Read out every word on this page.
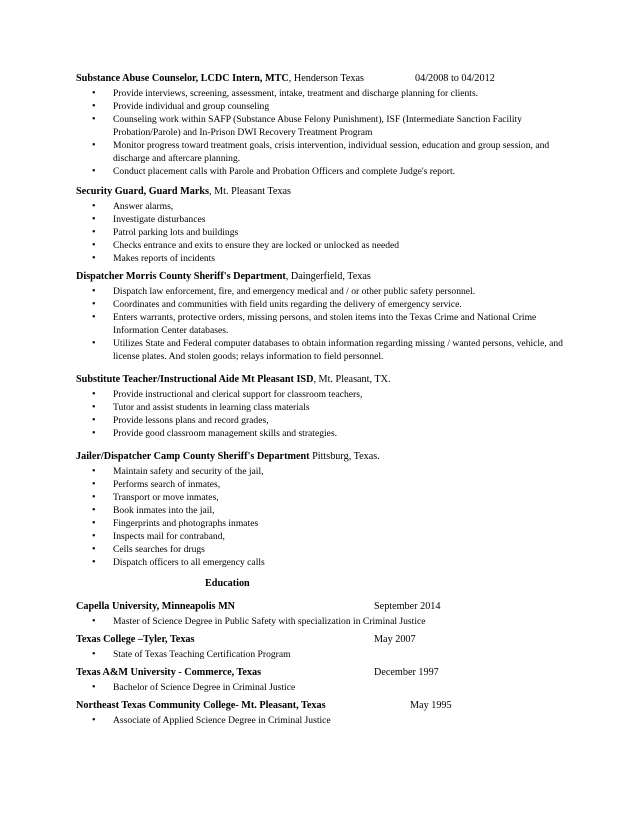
Substance Abuse Counselor, LCDC Intern, MTC, Henderson Texas	04/2008 to 04/2012
• Provide interviews, screening, assessment, intake, treatment and discharge planning for clients.
• Provide individual and group counseling
• Counseling work within SAFP (Substance Abuse Felony Punishment), ISF (Intermediate Sanction Facility Probation/Parole) and In-Prison DWI Recovery Treatment Program
• Monitor progress toward treatment goals, crisis intervention, individual session, education and group session, and discharge and aftercare planning.
• Conduct placement calls with Parole and Probation Officers and complete Judge's report.
Security Guard, Guard Marks, Mt. Pleasant Texas
• Answer alarms,
• Investigate disturbances
• Patrol parking lots and buildings
• Checks entrance and exits to ensure they are locked or unlocked as needed
• Makes reports of incidents
Dispatcher Morris County Sheriff's Department, Daingerfield, Texas
• Dispatch law enforcement, fire, and emergency medical and / or other public safety personnel.
• Coordinates and communities with field units regarding the delivery of emergency service.
• Enters warrants, protective orders, missing persons, and stolen items into the Texas Crime and National Crime Information Center databases.
• Utilizes State and Federal computer databases to obtain information regarding missing / wanted persons, vehicle, and license plates. And stolen goods; relays information to field personnel.
Substitute Teacher/Instructional Aide Mt Pleasant ISD, Mt. Pleasant, TX.
• Provide instructional and clerical support for classroom teachers,
• Tutor and assist students in learning class materials
• Provide lessons plans and record grades,
• Provide good classroom management skills and strategies.
Jailer/Dispatcher Camp County Sheriff's Department Pittsburg, Texas.
• Maintain safety and security of the jail,
• Performs search of inmates,
• Transport or move inmates,
• Book inmates into the jail,
• Fingerprints and photographs inmates
• Inspects mail for contraband,
• Cells searches for drugs
• Dispatch officers to all emergency calls
Education
Capella University, Minneapolis MN	September 2014
• Master of Science Degree in Public Safety with specialization in Criminal Justice
Texas College –Tyler, Texas	May 2007
• State of Texas Teaching Certification Program
Texas A&M University - Commerce, Texas	December 1997
• Bachelor of Science Degree in Criminal Justice
Northeast Texas Community College- Mt. Pleasant, Texas	May 1995
• Associate of Applied Science Degree in Criminal Justice
